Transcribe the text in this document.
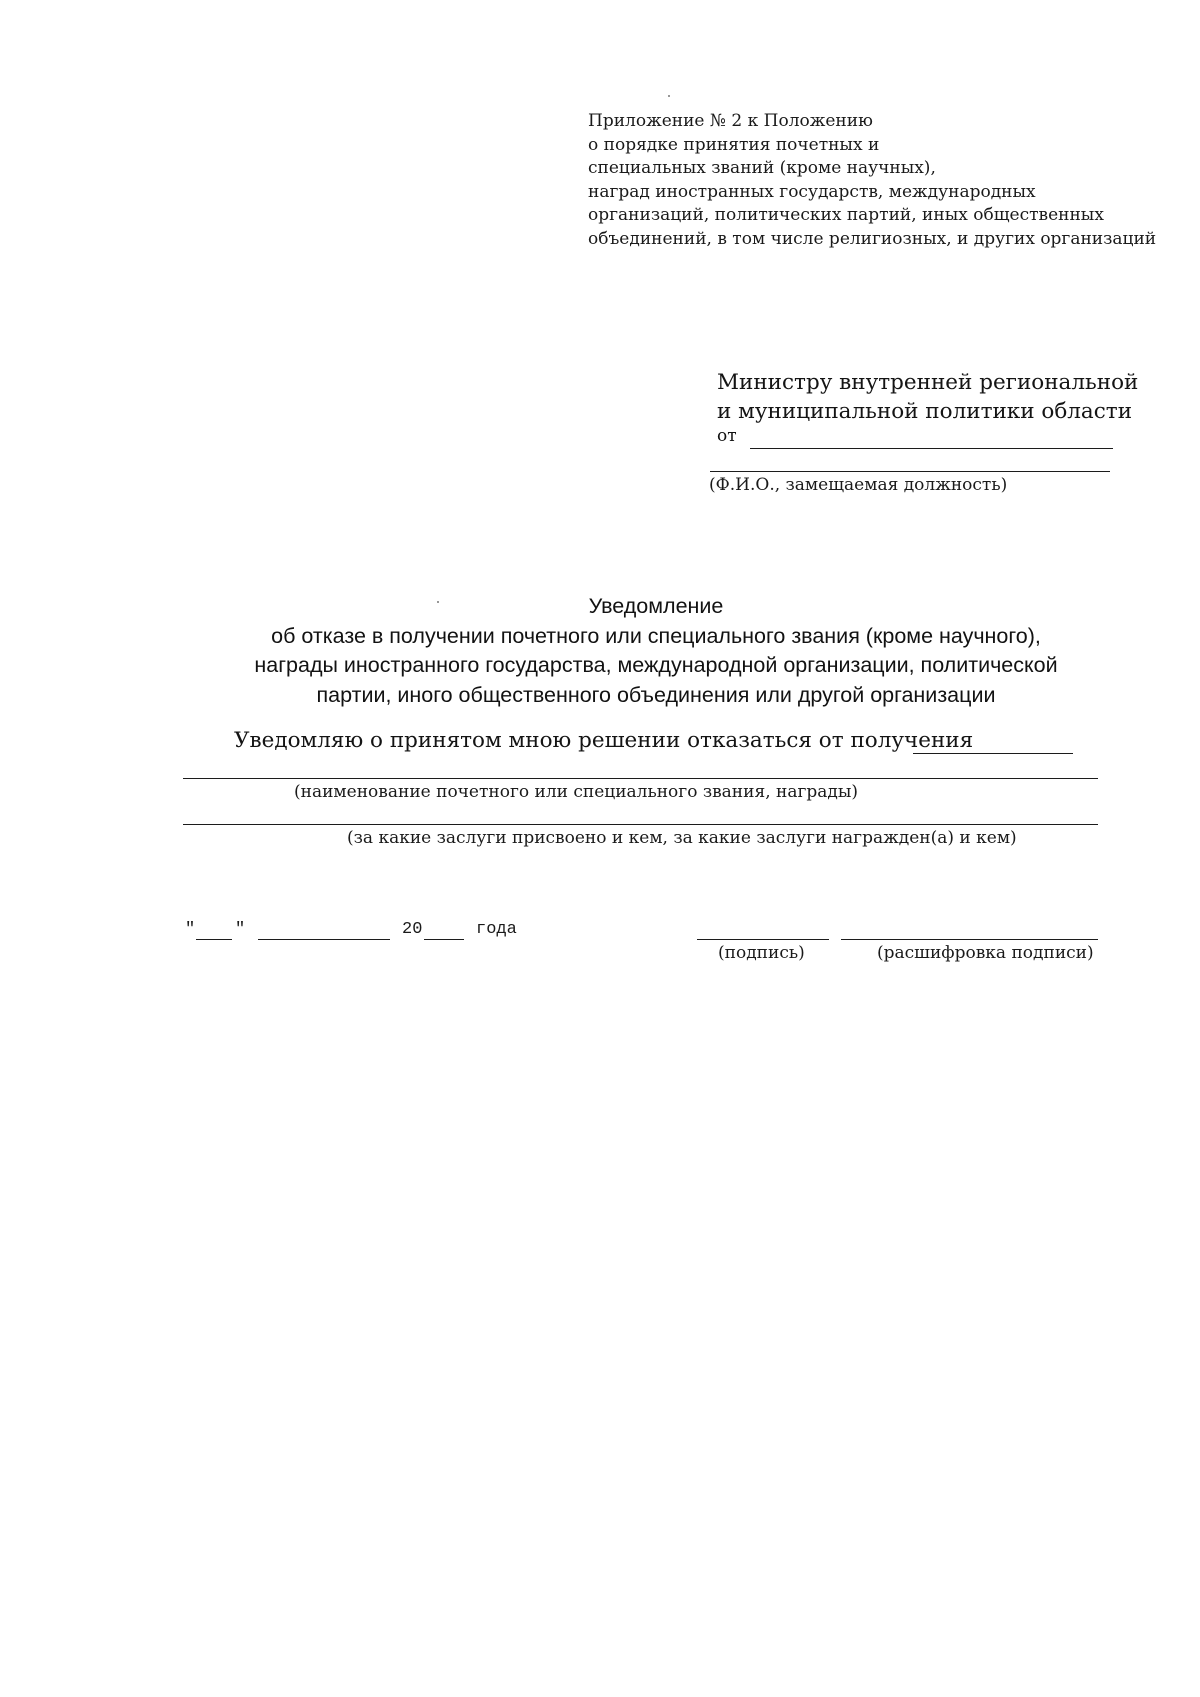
Приложение № 2 к Положению
о порядке принятия почетных и
специальных званий (кроме научных),
наград иностранных государств, международных
организаций, политических партий, иных общественных
объединений, в том числе религиозных, и других организаций
Министру внутренней региональной
и муниципальной политики области
от
(Ф.И.О., замещаемая должность)
Уведомление
об отказе в получении почетного или специального звания (кроме научного),
награды иностранного государства, международной организации, политической
партии, иного общественного объединения или другой организации
Уведомляю о принятом мною решении отказаться от получения
(наименование почетного или специального звания, награды)
(за какие заслуги присвоено и кем, за какие заслуги награжден(а) и кем)
" "	20	года
(подпись)	(расшифровка подписи)
